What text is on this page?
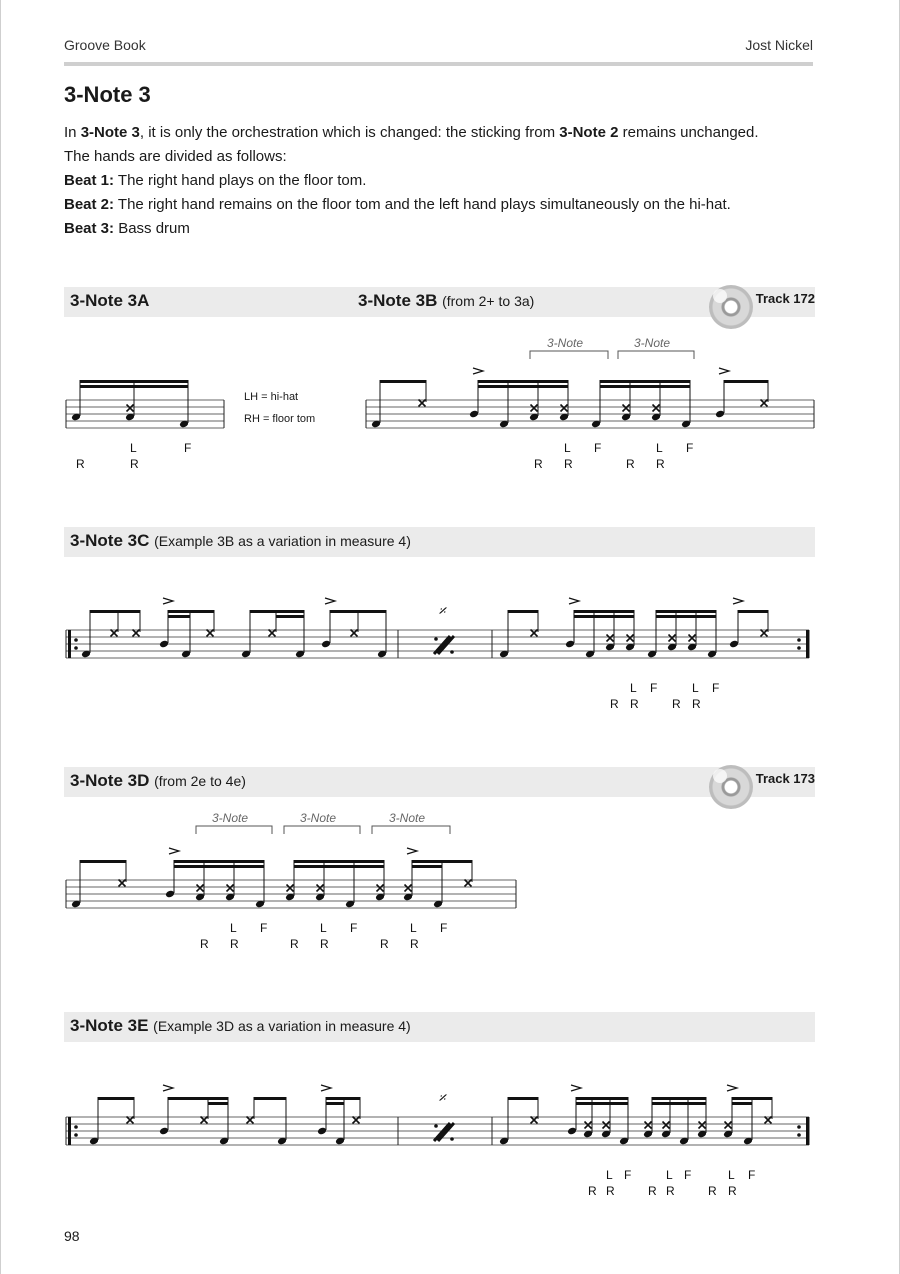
Groove Book	Jost Nickel
3-Note 3

In 3-Note 3, it is only the orchestration which is changed: the sticking from 3-Note 2 remains unchanged.

The hands are divided as follows:

Beat 1: The right hand plays on the floor tom.

Beat 2: The right hand remains on the floor tom and the left hand plays simultaneously on the hi-hat.

Beat 3: Bass drum

3-Note 3A	3-Note 3B (from 2+ to 3a)	Track 172
L	F
R	R
LH = hi-hat
RH = floor tom
3-Note	3-Note
L F	L F
R R	R R
3-Note 3C (Example 3B as a variation in measure 4)
𝄎
L F	L F
R R	R R
3-Note 3D (from 2e to 4e)	Track 173
3-Note	3-Note	3-Note
L F	L F	L F
R R	R R	R R
3-Note 3E (Example 3D as a variation in measure 4)
𝄎
L F	L F	L F
R R	R R	R R
98
